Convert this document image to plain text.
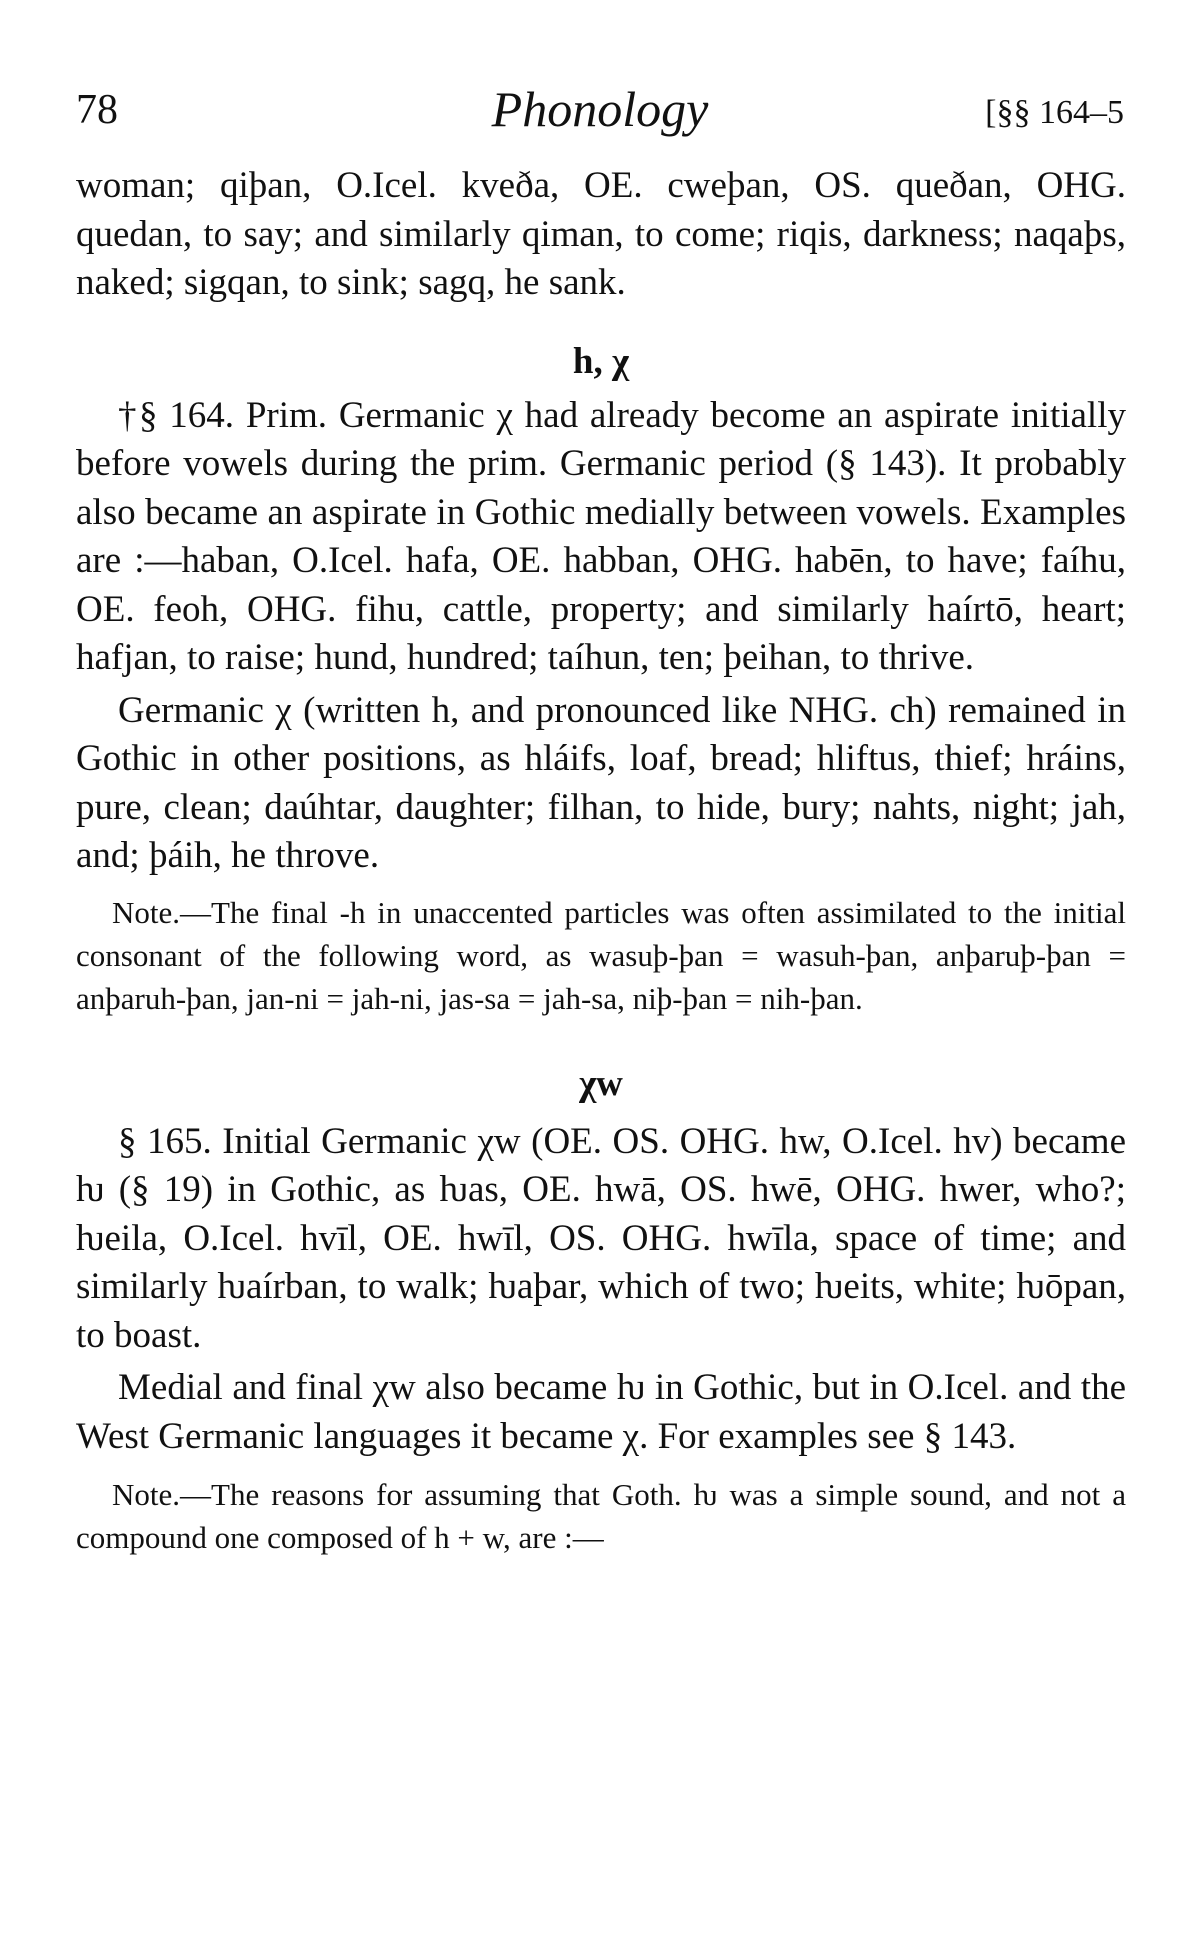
78	Phonology	[§§ 164–5

woman; qiþan, O.Icel. kveða, OE. cweþan, OS. queðan, OHG. quedan, to say; and similarly qiman, to come; riqis, darkness; naqaþs, naked; sigqan, to sink; sagq, he sank.

h, χ

†§ 164. Prim. Germanic χ had already become an aspirate initially before vowels during the prim. Germanic period (§ 143). It probably also became an aspirate in Gothic medially between vowels. Examples are :—haban, O.Icel. hafa, OE. habban, OHG. habēn, to have; faíhu, OE. feoh, OHG. fihu, cattle, property; and similarly haírtō, heart; hafjan, to raise; hund, hundred; taíhun, ten; þeihan, to thrive.

Germanic χ (written h, and pronounced like NHG. ch) remained in Gothic in other positions, as hláifs, loaf, bread; hliftus, thief; hráins, pure, clean; daúhtar, daughter; filhan, to hide, bury; nahts, night; jah, and; þáih, he throve.

Note.—The final -h in unaccented particles was often assimilated to the initial consonant of the following word, as wasuþ-þan = wasuh-þan, anþaruþ-þan = anþaruh-þan, jan-ni = jah-ni, jas-sa = jah-sa, niþ-þan = nih-þan.

χw

§ 165. Initial Germanic χw (OE. OS. OHG. hw, O.Icel. hv) became ƕ (§ 19) in Gothic, as ƕas, OE. hwā, OS. hwē, OHG. hwer, who?; ƕeila, O.Icel. hvīl, OE. hwīl, OS. OHG. hwīla, space of time; and similarly ƕaírban, to walk; ƕaþar, which of two; ƕeits, white; ƕōpan, to boast.

Medial and final χw also became ƕ in Gothic, but in O.Icel. and the West Germanic languages it became χ. For examples see § 143.

Note.—The reasons for assuming that Goth. ƕ was a simple sound, and not a compound one composed of h + w, are :—
